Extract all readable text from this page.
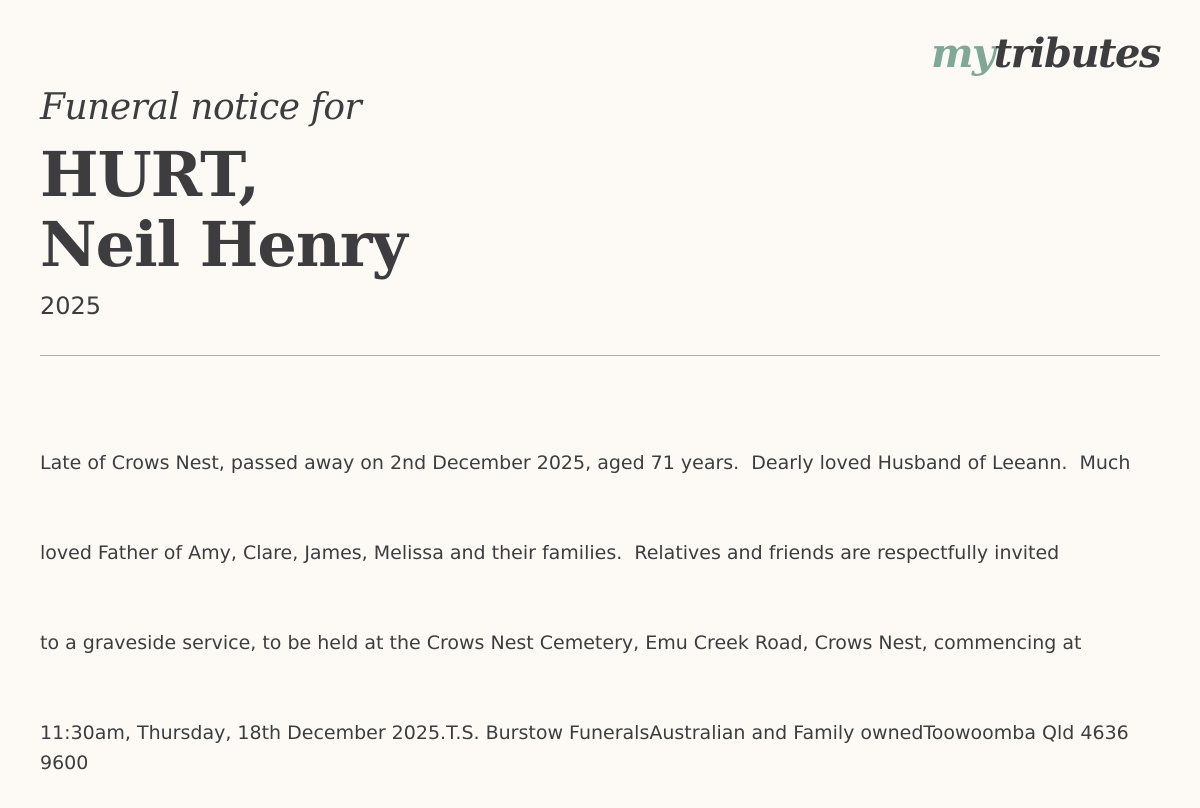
mytributes
Funeral notice for
HURT,
Neil Henry
2025

Late of Crows Nest, passed away on 2nd December 2025, aged 71 years.  Dearly loved Husband of Leeann.  Much

loved Father of Amy, Clare, James, Melissa and their families.  Relatives and friends are respectfully invited

to a graveside service, to be held at the Crows Nest Cemetery, Emu Creek Road, Crows Nest, commencing at

11:30am, Thursday, 18th December 2025.T.S. Burstow FuneralsAustralian and Family ownedToowoomba Qld 4636 9600
